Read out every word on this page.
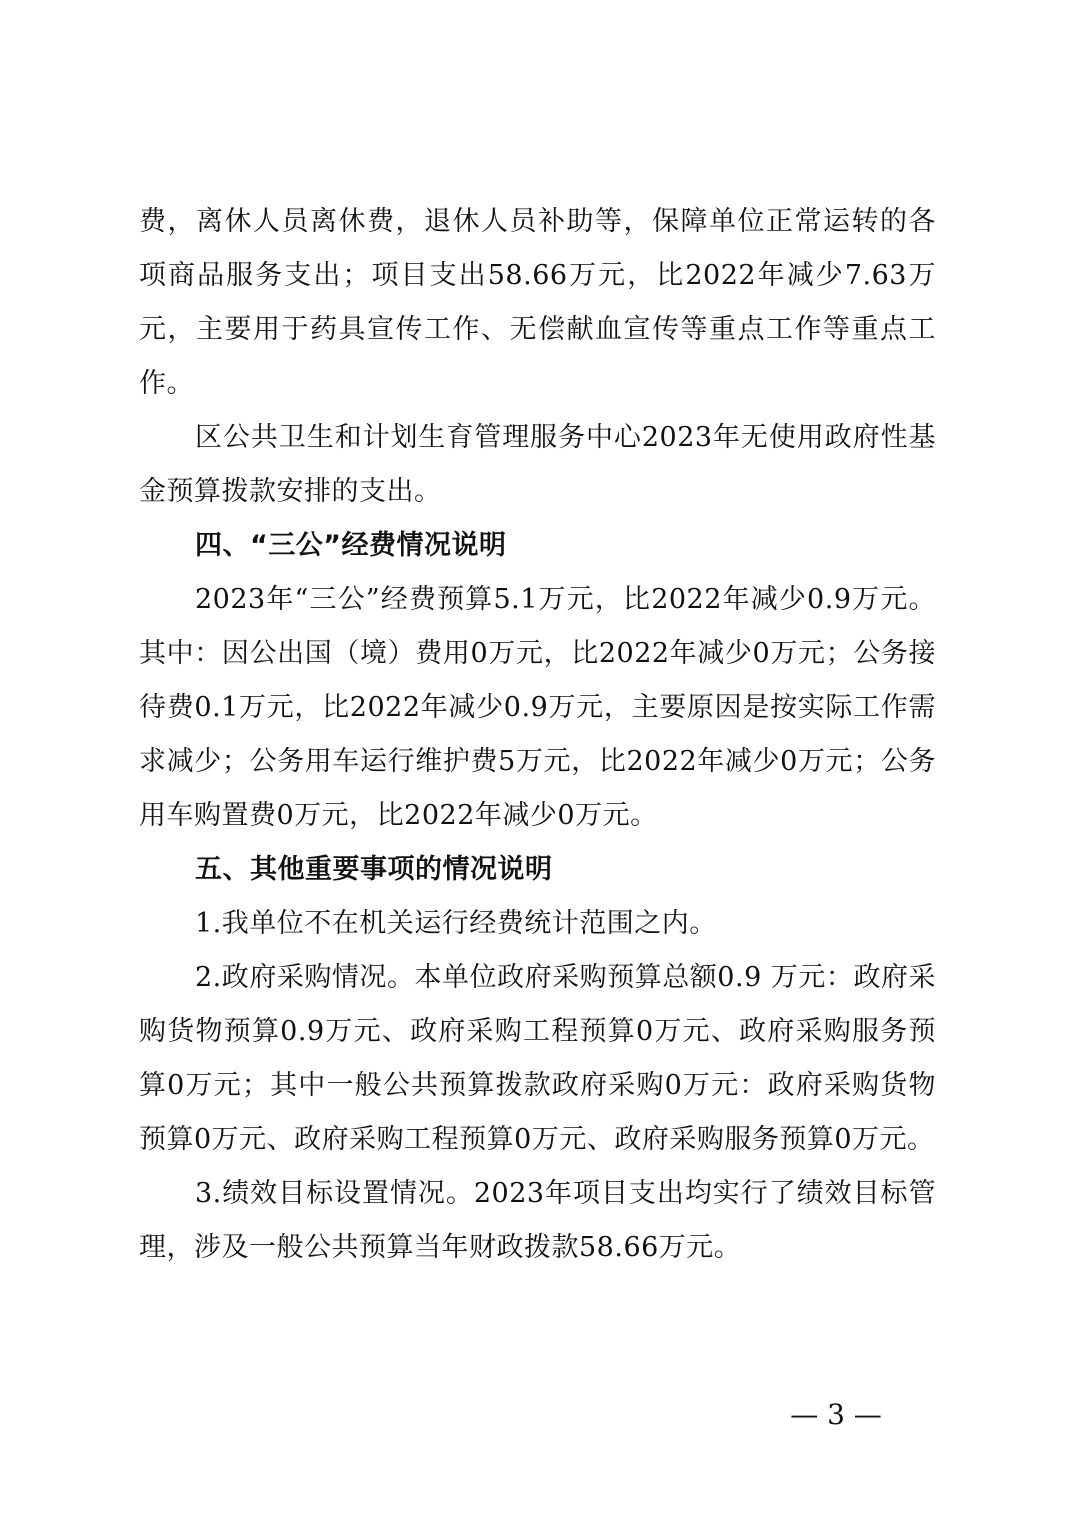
费，离休人员离休费，退休人员补助等，保障单位正常运转的各项商品服务支出；项目支出58.66万元，比2022年减少7.63万元，主要用于药具宣传工作、无偿献血宣传等重点工作等重点工作。

区公共卫生和计划生育管理服务中心2023年无使用政府性基金预算拨款安排的支出。

四、“三公”经费情况说明

2023年“三公”经费预算5.1万元，比2022年减少0.9万元。其中：因公出国（境）费用0万元，比2022年减少0万元；公务接待费0.1万元，比2022年减少0.9万元，主要原因是按实际工作需求减少；公务用车运行维护费5万元，比2022年减少0万元；公务用车购置费0万元，比2022年减少0万元。

五、其他重要事项的情况说明

1.我单位不在机关运行经费统计范围之内。

2.政府采购情况。本单位政府采购预算总额0.9 万元：政府采购货物预算0.9万元、政府采购工程预算0万元、政府采购服务预算0万元；其中一般公共预算拨款政府采购0万元：政府采购货物预算0万元、政府采购工程预算0万元、政府采购服务预算0万元。

3.绩效目标设置情况。2023年项目支出均实行了绩效目标管理，涉及一般公共预算当年财政拨款58.66万元。

— 3 —
